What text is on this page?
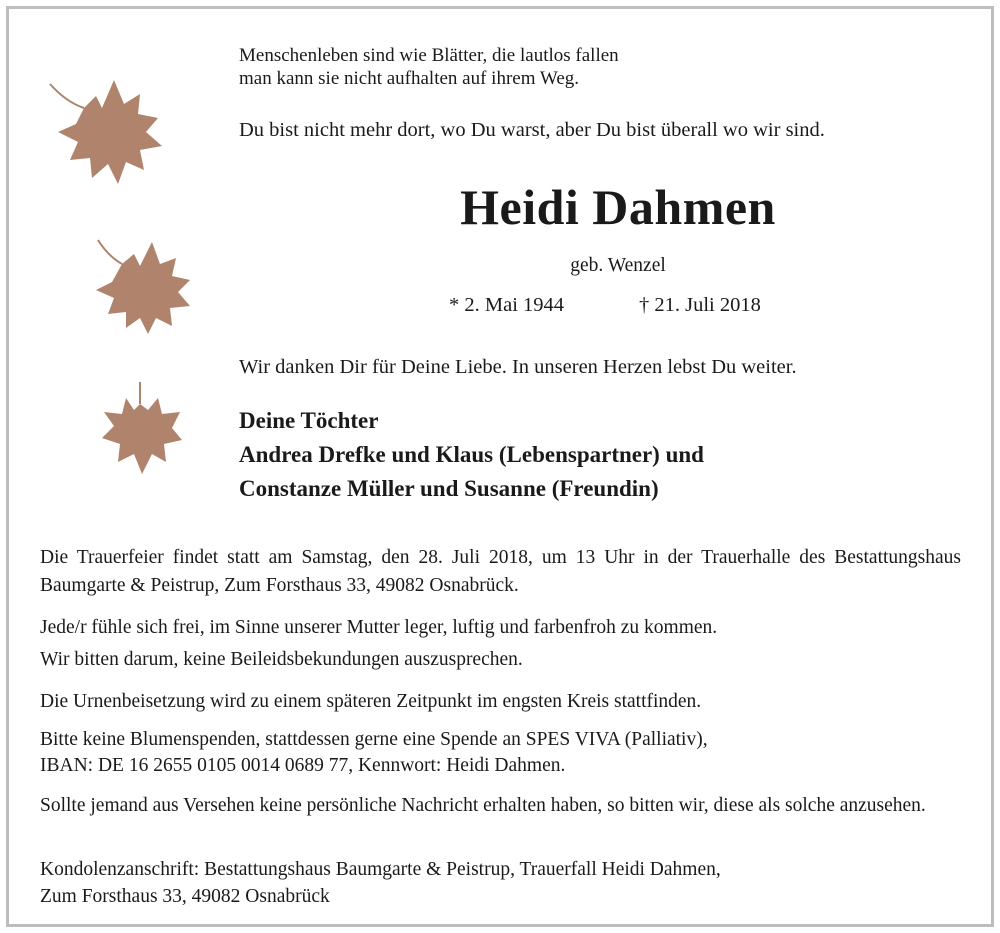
Menschenleben sind wie Blätter, die lautlos fallen
man kann sie nicht aufhalten auf ihrem Weg.
Du bist nicht mehr dort, wo Du warst, aber Du bist überall wo wir sind.
Heidi Dahmen
geb. Wenzel
* 2. Mai 1944	† 21. Juli 2018
Wir danken Dir für Deine Liebe. In unseren Herzen lebst Du weiter.
Deine Töchter
Andrea Drefke und Klaus (Lebenspartner) und
Constanze Müller und Susanne (Freundin)
Die Trauerfeier findet statt am Samstag, den 28. Juli 2018, um 13 Uhr in der Trauerhalle des Bestattungshaus Baumgarte & Peistrup, Zum Forsthaus 33, 49082 Osnabrück.
Jede/r fühle sich frei, im Sinne unserer Mutter leger, luftig und farbenfroh zu kommen.
Wir bitten darum, keine Beileidsbekundungen auszusprechen.
Die Urnenbeisetzung wird zu einem späteren Zeitpunkt im engsten Kreis stattfinden.
Bitte keine Blumenspenden, stattdessen gerne eine Spende an SPES VIVA (Palliativ),
IBAN: DE 16 2655 0105 0014 0689 77, Kennwort: Heidi Dahmen.
Sollte jemand aus Versehen keine persönliche Nachricht erhalten haben, so bitten wir, diese als solche anzusehen.
Kondolenzanschrift: Bestattungshaus Baumgarte & Peistrup, Trauerfall Heidi Dahmen,
Zum Forsthaus 33, 49082 Osnabrück
